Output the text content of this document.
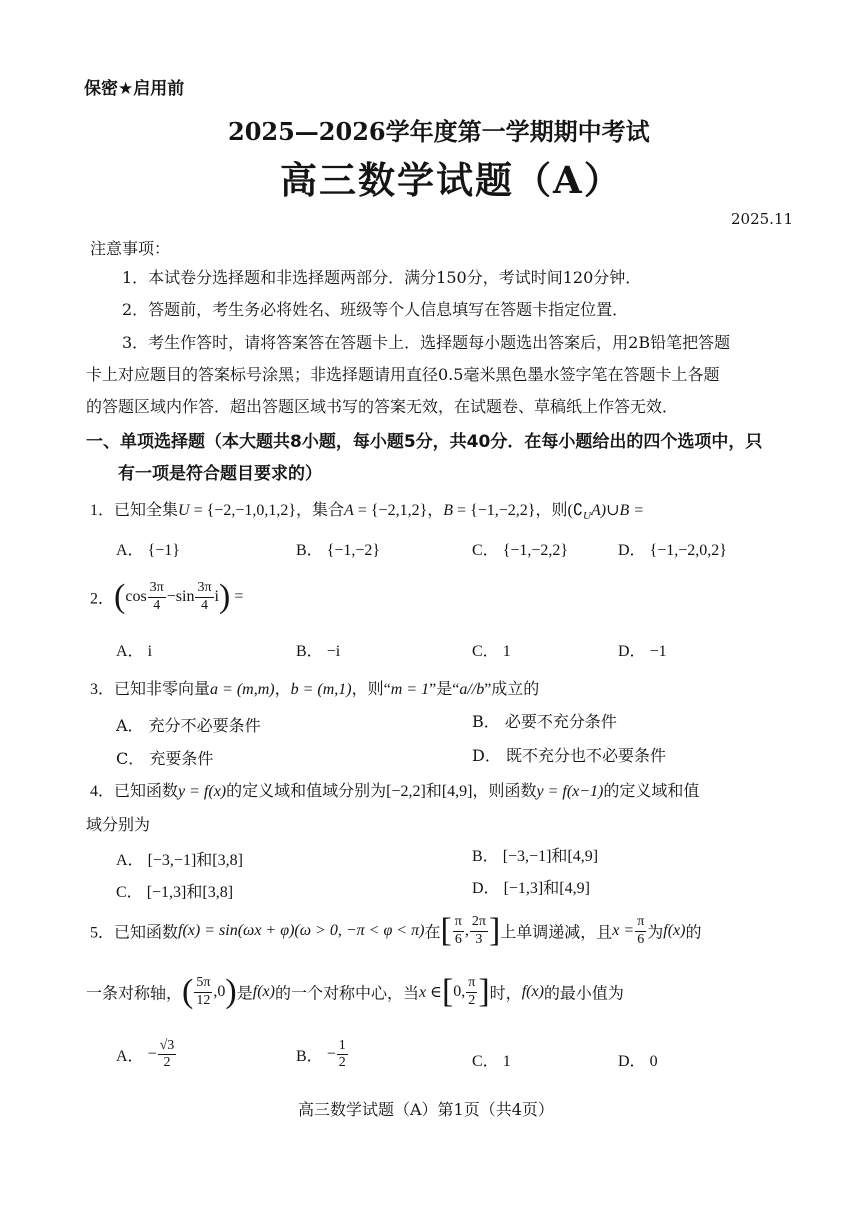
保密★启用前
2025—2026学年度第一学期期中考试
高三数学试题（A）
2025.11
注意事项：
1．本试卷分选择题和非选择题两部分．满分150分，考试时间120分钟．
2．答题前，考生务必将姓名、班级等个人信息填写在答题卡指定位置．
3．考生作答时，请将答案答在答题卡上．选择题每小题选出答案后，用2B铅笔把答题
卡上对应题目的答案标号涂黑；非选择题请用直径0.5毫米黑色墨水签字笔在答题卡上各题
的答题区域内作答．超出答题区域书写的答案无效，在试题卷、草稿纸上作答无效．
一、单项选择题（本大题共8小题，每小题5分，共40分．在每小题给出的四个选项中，只
有一项是符合题目要求的）
1．已知全集U = {−2,−1,0,1,2}，集合A = {−2,1,2}，B = {−1,−2,2}，则$(∁_UA)\cup B$ =
A． {−1}	B． {−1,−2}	C． {−1,−2,2}	D． {−1,−2,0,2}
2．$(\cos \frac{3\pi}{4} -\sin \frac{3\pi}{4} i)$ =
A． i	B． −i	C． 1	D． −1
3．已知非零向量a = (m,m)，b = (m,1)，则“m = 1”是“a//b”成立的
A． 充分不必要条件	B． 必要不充分条件
C． 充要条件	D． 既不充分也不必要条件
4．已知函数y = f(x)的定义域和值域分别为[−2,2]和[4,9]，则函数y = f(x−1)的定义域和值
域分别为
A． [−3,−1]和[3,8]	B． [−3,−1]和[4,9]
C． [−1,3]和[3,8]	D． [−1,3]和[4,9]
5．已知函数f(x) = sin(ωx + φ)(ω > 0, −π < φ < π)在[ $\frac{\pi}{6}$ , $\frac{2\pi}{3}$ ]上单调递减，且$x = \frac{\pi}{6}$ 为f(x)的
一条对称轴，( $\frac{5\pi}{12} ,0$)是f(x)的一个对称中心，当x ∈[0, $\frac{\pi}{2}$ ]时，f(x)的最小值为
A． − $\frac{√3}{2}$	B． − $\frac{1}{2}$	C． 1	D． 0
高三数学试题（A）第1页（共4页）
